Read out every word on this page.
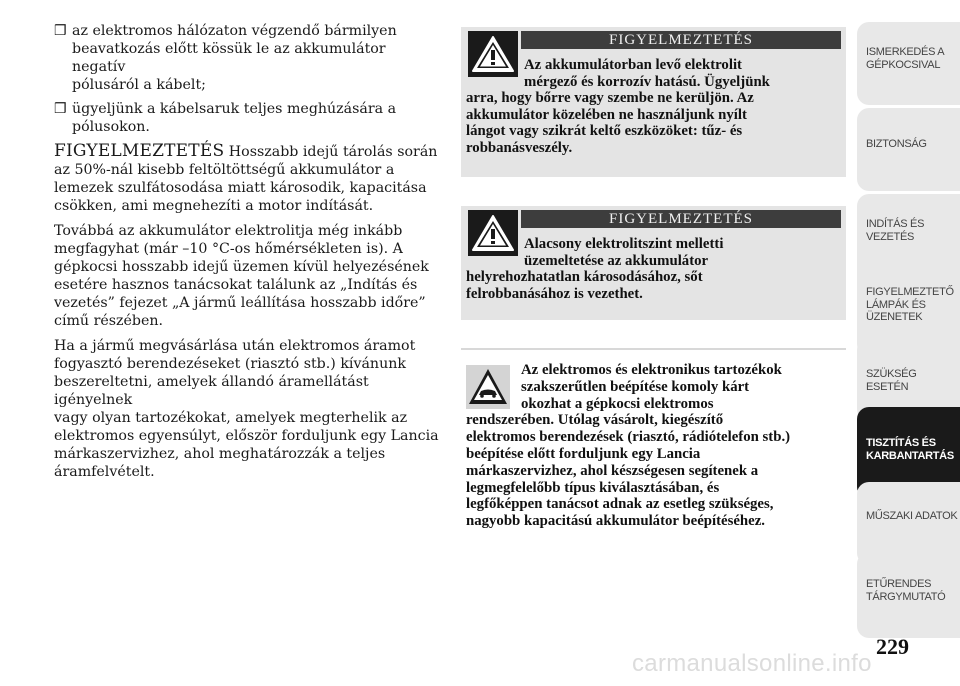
❒ az elektromos hálózaton végzendő bármilyen
beavatkozás előtt kössük le az akkumulátor negatív
pólusáról a kábelt;
❒ ügyeljünk a kábelsaruk teljes meghúzására a
pólusokon.
FIGYELMEZTETÉS Hosszabb idejű tárolás során
az 50%-nál kisebb feltöltöttségű akkumulátor a
lemezek szulfátosodása miatt károsodik, kapacitása
csökken, ami megnehezíti a motor indítását.
Továbbá az akkumulátor elektrolitja még inkább
megfagyhat (már –10 °C-os hőmérsékleten is). A
gépkocsi hosszabb idejű üzemen kívül helyezésének
esetére hasznos tanácsokat találunk az „Indítás és
vezetés” fejezet „A jármű leállítása hosszabb időre”
című részében.
Ha a jármű megvásárlása után elektromos áramot
fogyasztó berendezéseket (riasztó stb.) kívánunk
beszereltetni, amelyek állandó áramellátást igényelnek
vagy olyan tartozékokat, amelyek megterhelik az
elektromos egyensúlyt, először forduljunk egy Lancia
márkaszervizhez, ahol meghatározzák a teljes
áramfelvételt.
FIGYELMEZTETÉS
Az akkumulátorban levő elektrolit
mérgező és korrozív hatású. Ügyeljünk
arra, hogy bőrre vagy szembe ne kerüljön. Az
akkumulátor közelében ne használjunk nyílt
lángot vagy szikrát keltő eszközöket: tűz- és
robbanásveszély.
FIGYELMEZTETÉS
Alacsony elektrolitszint melletti
üzemeltetése az akkumulátor
helyrehozhatatlan károsodásához, sőt
felrobbanásához is vezethet.
Az elektromos és elektronikus tartozékok
szakszerűtlen beépítése komoly kárt
okozhat a gépkocsi elektromos
rendszerében. Utólag vásárolt, kiegészítő
elektromos berendezések (riasztó, rádiótelefon stb.)
beépítése előtt forduljunk egy Lancia
márkaszervizhez, ahol készségesen segítenek a
legmegfelelőbb típus kiválasztásában, és
legfőképpen tanácsot adnak az esetleg szükséges,
nagyobb kapacitású akkumulátor beépítéséhez.
ISMERKEDÉS A
GÉPKOCSIVAL
BIZTONSÁG
INDÍTÁS ÉS
VEZETÉS
FIGYELMEZTETŐ
LÁMPÁK ÉS
ÜZENETEK
SZÜKSÉG ESETÉN
TISZTÍTÁS ÉS
KARBANTARTÁS
MŰSZAKI ADATOK
ETŰRENDES
TÁRGYMUTATÓ
229
carmanualsonline.info
